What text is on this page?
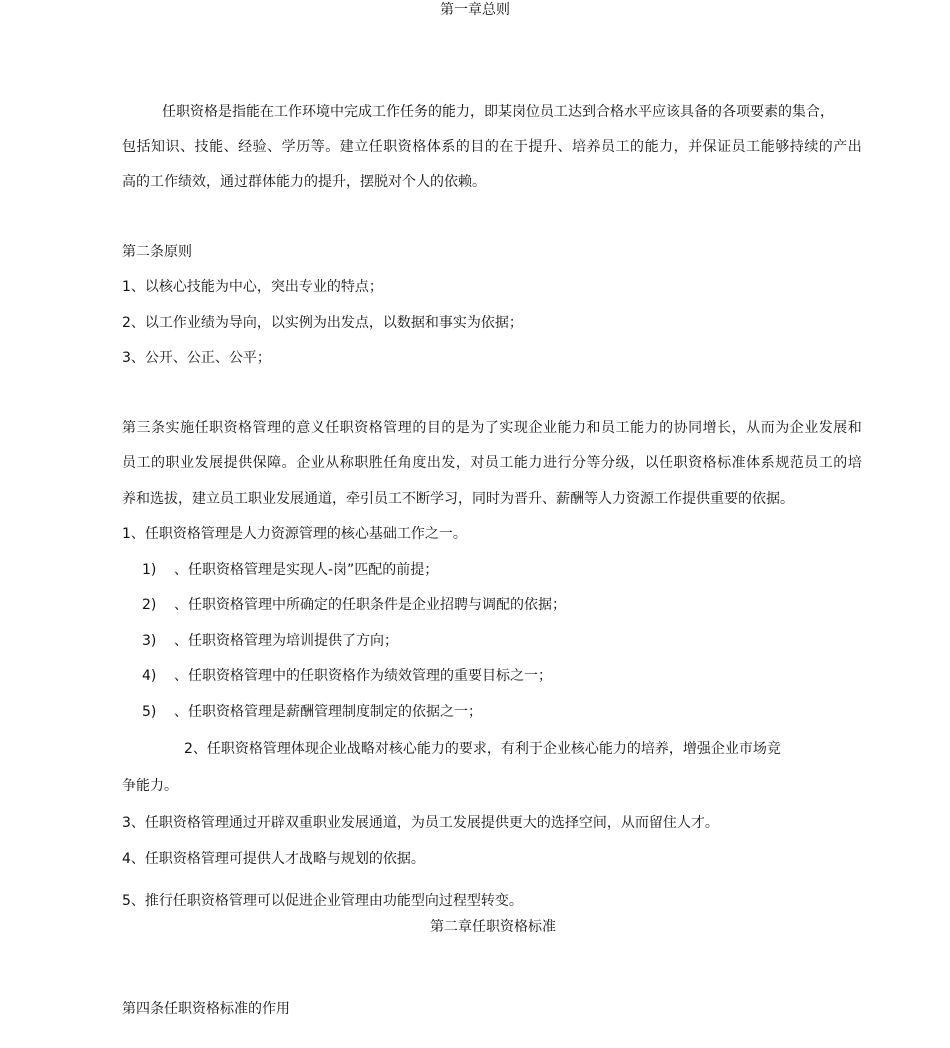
第一章总则
任职资格是指能在工作环境中完成工作任务的能力，即某岗位员工达到合格水平应该具备的各项要素的集合，
包括知识、技能、经验、学历等。建立任职资格体系的目的在于提升、培养员工的能力，并保证员工能够持续的产出
高的工作绩效，通过群体能力的提升，摆脱对个人的依赖。
第二条原则
1、以核心技能为中心，突出专业的特点；
2、以工作业绩为导向，以实例为出发点，以数据和事实为依据；
3、公开、公正、公平；
第三条实施任职资格管理的意义任职资格管理的目的是为了实现企业能力和员工能力的协同增长，从而为企业发展和
员工的职业发展提供保障。企业从称职胜任角度出发，对员工能力进行分等分级，以任职资格标准体系规范员工的培
养和选拔，建立员工职业发展通道，牵引员工不断学习，同时为晋升、薪酬等人力资源工作提供重要的依据。
1、任职资格管理是人力资源管理的核心基础工作之一。
1) 、任职资格管理是实现人-岗”匹配的前提；
2) 、任职资格管理中所确定的任职条件是企业招聘与调配的依据；
3) 、任职资格管理为培训提供了方向；
4) 、任职资格管理中的任职资格作为绩效管理的重要目标之一；
5) 、任职资格管理是薪酬管理制度制定的依据之一；
2、任职资格管理体现企业战略对核心能力的要求，有利于企业核心能力的培养，增强企业市场竞
争能力。
3、任职资格管理通过开辟双重职业发展通道，为员工发展提供更大的选择空间，从而留住人才。
4、任职资格管理可提供人才战略与规划的依据。
5、推行任职资格管理可以促进企业管理由功能型向过程型转变。
第二章任职资格标准
第四条任职资格标准的作用
